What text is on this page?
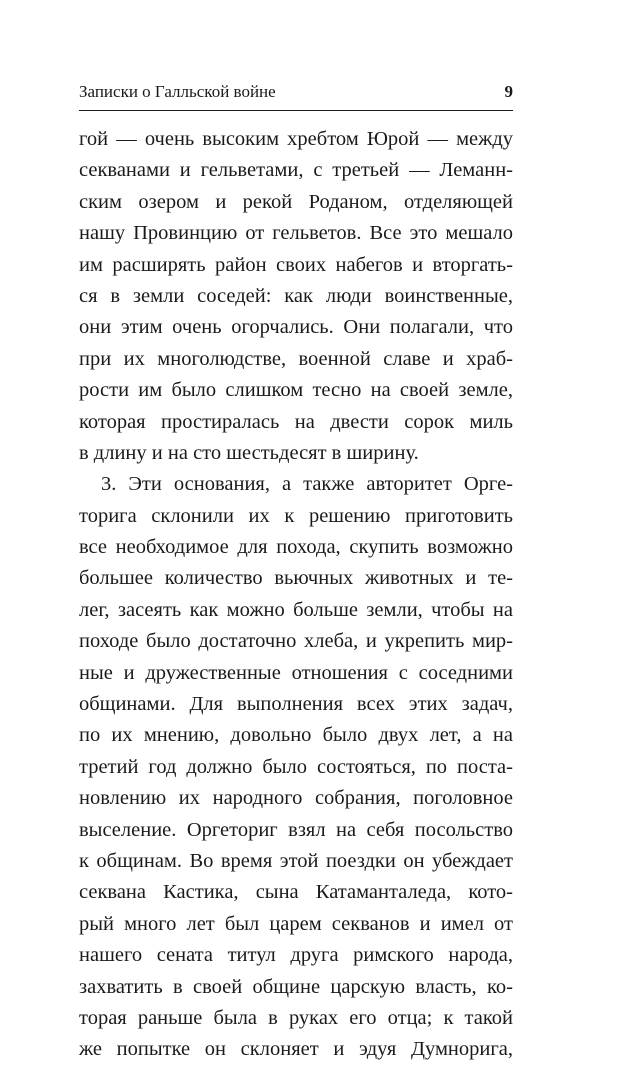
Записки о Галльской войне	9
гой — очень высоким хребтом Юрой — между
секванами и гельветами, с третьей — Леманн-
ским озером и рекой Роданом, отделяющей
нашу Провинцию от гельветов. Все это мешало
им расширять район своих набегов и вторгать-
ся в земли соседей: как люди воинственные,
они этим очень огорчались. Они полагали, что
при их многолюдстве, военной славе и храб-
рости им было слишком тесно на своей земле,
которая простиралась на двести сорок миль
в длину и на сто шестьдесят в ширину.
3. Эти основания, а также авторитет Орге-
торига склонили их к решению приготовить
все необходимое для похода, скупить возможно
большее количество вьючных животных и те-
лег, засеять как можно больше земли, чтобы на
походе было достаточно хлеба, и укрепить мир-
ные и дружественные отношения с соседними
общинами. Для выполнения всех этих задач,
по их мнению, довольно было двух лет, а на
третий год должно было состояться, по поста-
новлению их народного собрания, поголовное
выселение. Оргеториг взял на себя посольство
к общинам. Во время этой поездки он убеждает
секвана Кастика, сына Катаманталеда, кото-
рый много лет был царем секванов и имел от
нашего сената титул друга римского народа,
захватить в своей общине царскую власть, ко-
торая раньше была в руках его отца; к такой
же попытке он склоняет и эдуя Думнорига,
